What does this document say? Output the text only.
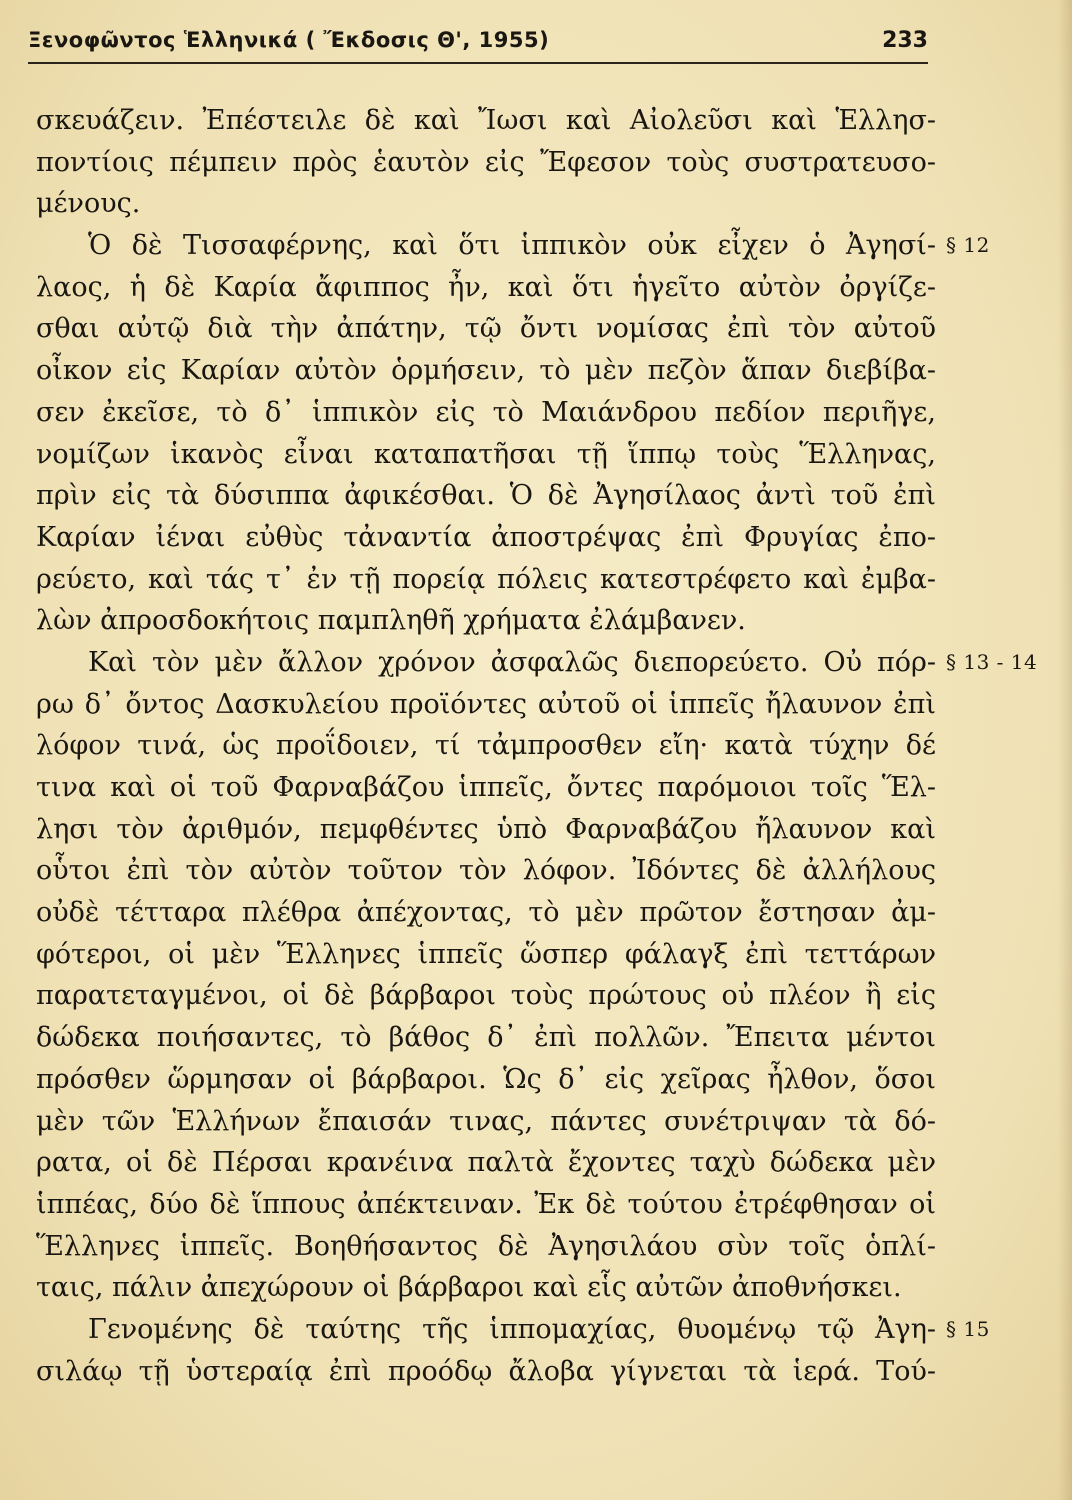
Ξενοφῶντος Ἑλληνικά ( Ἔκδοσις Θ', 1955)	233
σκευάζειν. Ἐπέστειλε δὲ καὶ Ἴωσι καὶ Αἰολεῦσι καὶ Ἑλλησ-
ποντίοις πέμπειν πρὸς ἑαυτὸν εἰς Ἔφεσον τοὺς συστρατευσο-
μένους.
Ὁ δὲ Τισσαφέρνης, καὶ ὅτι ἱππικὸν οὐκ εἶχεν ὁ Ἀγησί- § 12
λαος, ἡ δὲ Καρία ἄφιππος ἦν, καὶ ὅτι ἡγεῖτο αὐτὸν ὀργίζε-
σθαι αὐτῷ διὰ τὴν ἀπάτην, τῷ ὄντι νομίσας ἐπὶ τὸν αὐτοῦ
οἶκον εἰς Καρίαν αὐτὸν ὁρμήσειν, τὸ μὲν πεζὸν ἅπαν διεβίβα-
σεν ἐκεῖσε, τὸ δ᾽ ἱππικὸν εἰς τὸ Μαιάνδρου πεδίον περιῆγε,
νομίζων ἱκανὸς εἶναι καταπατῆσαι τῇ ἵππῳ τοὺς Ἕλληνας,
πρὶν εἰς τὰ δύσιππα ἀφικέσθαι. Ὁ δὲ Ἀγησίλαος ἀντὶ τοῦ ἐπὶ
Καρίαν ἰέναι εὐθὺς τἀναντία ἀποστρέψας ἐπὶ Φρυγίας ἐπο-
ρεύετο, καὶ τάς τ᾽ ἐν τῇ πορείᾳ πόλεις κατεστρέφετο καὶ ἐμβα-
λὼν ἀπροσδοκήτοις παμπληθῆ χρήματα ἐλάμβανεν.
Καὶ τὸν μὲν ἄλλον χρόνον ἀσφαλῶς διεπορεύετο. Οὐ πόρ- § 13 - 14
ρω δ᾽ ὄντος Δασκυλείου προϊόντες αὐτοῦ οἱ ἱππεῖς ἤλαυνον ἐπὶ
λόφον τινά, ὡς προΐδοιεν, τί τἀμπροσθεν εἴη· κατὰ τύχην δέ
τινα καὶ οἱ τοῦ Φαρναβάζου ἱππεῖς, ὄντες παρόμοιοι τοῖς Ἕλ-
λησι τὸν ἀριθμόν, πεμφθέντες ὑπὸ Φαρναβάζου ἤλαυνον καὶ
οὗτοι ἐπὶ τὸν αὐτὸν τοῦτον τὸν λόφον. Ἰδόντες δὲ ἀλλήλους
οὐδὲ τέτταρα πλέθρα ἀπέχοντας, τὸ μὲν πρῶτον ἔστησαν ἀμ-
φότεροι, οἱ μὲν Ἕλληνες ἱππεῖς ὥσπερ φάλαγξ ἐπὶ τεττάρων
παρατεταγμένοι, οἱ δὲ βάρβαροι τοὺς πρώτους οὐ πλέον ἢ εἰς
δώδεκα ποιήσαντες, τὸ βάθος δ᾽ ἐπὶ πολλῶν. Ἔπειτα μέντοι
πρόσθεν ὥρμησαν οἱ βάρβαροι. Ὡς δ᾽ εἰς χεῖρας ἦλθον, ὅσοι
μὲν τῶν Ἑλλήνων ἔπαισάν τινας, πάντες συνέτριψαν τὰ δό-
ρατα, οἱ δὲ Πέρσαι κρανέινα παλτὰ ἔχοντες ταχὺ δώδεκα μὲν
ἱππέας, δύο δὲ ἵππους ἀπέκτειναν. Ἐκ δὲ τούτου ἐτρέφθησαν οἱ
Ἕλληνες ἱππεῖς. Βοηθήσαντος δὲ Ἀγησιλάου σὺν τοῖς ὁπλί-
ταις, πάλιν ἀπεχώρουν οἱ βάρβαροι καὶ εἷς αὐτῶν ἀποθνήσκει.
Γενομένης δὲ ταύτης τῆς ἱππομαχίας, θυομένῳ τῷ Ἀγη- § 15
σιλάῳ τῇ ὑστεραίᾳ ἐπὶ προόδῳ ἄλοβα γίγνεται τὰ ἱερά. Τού-
